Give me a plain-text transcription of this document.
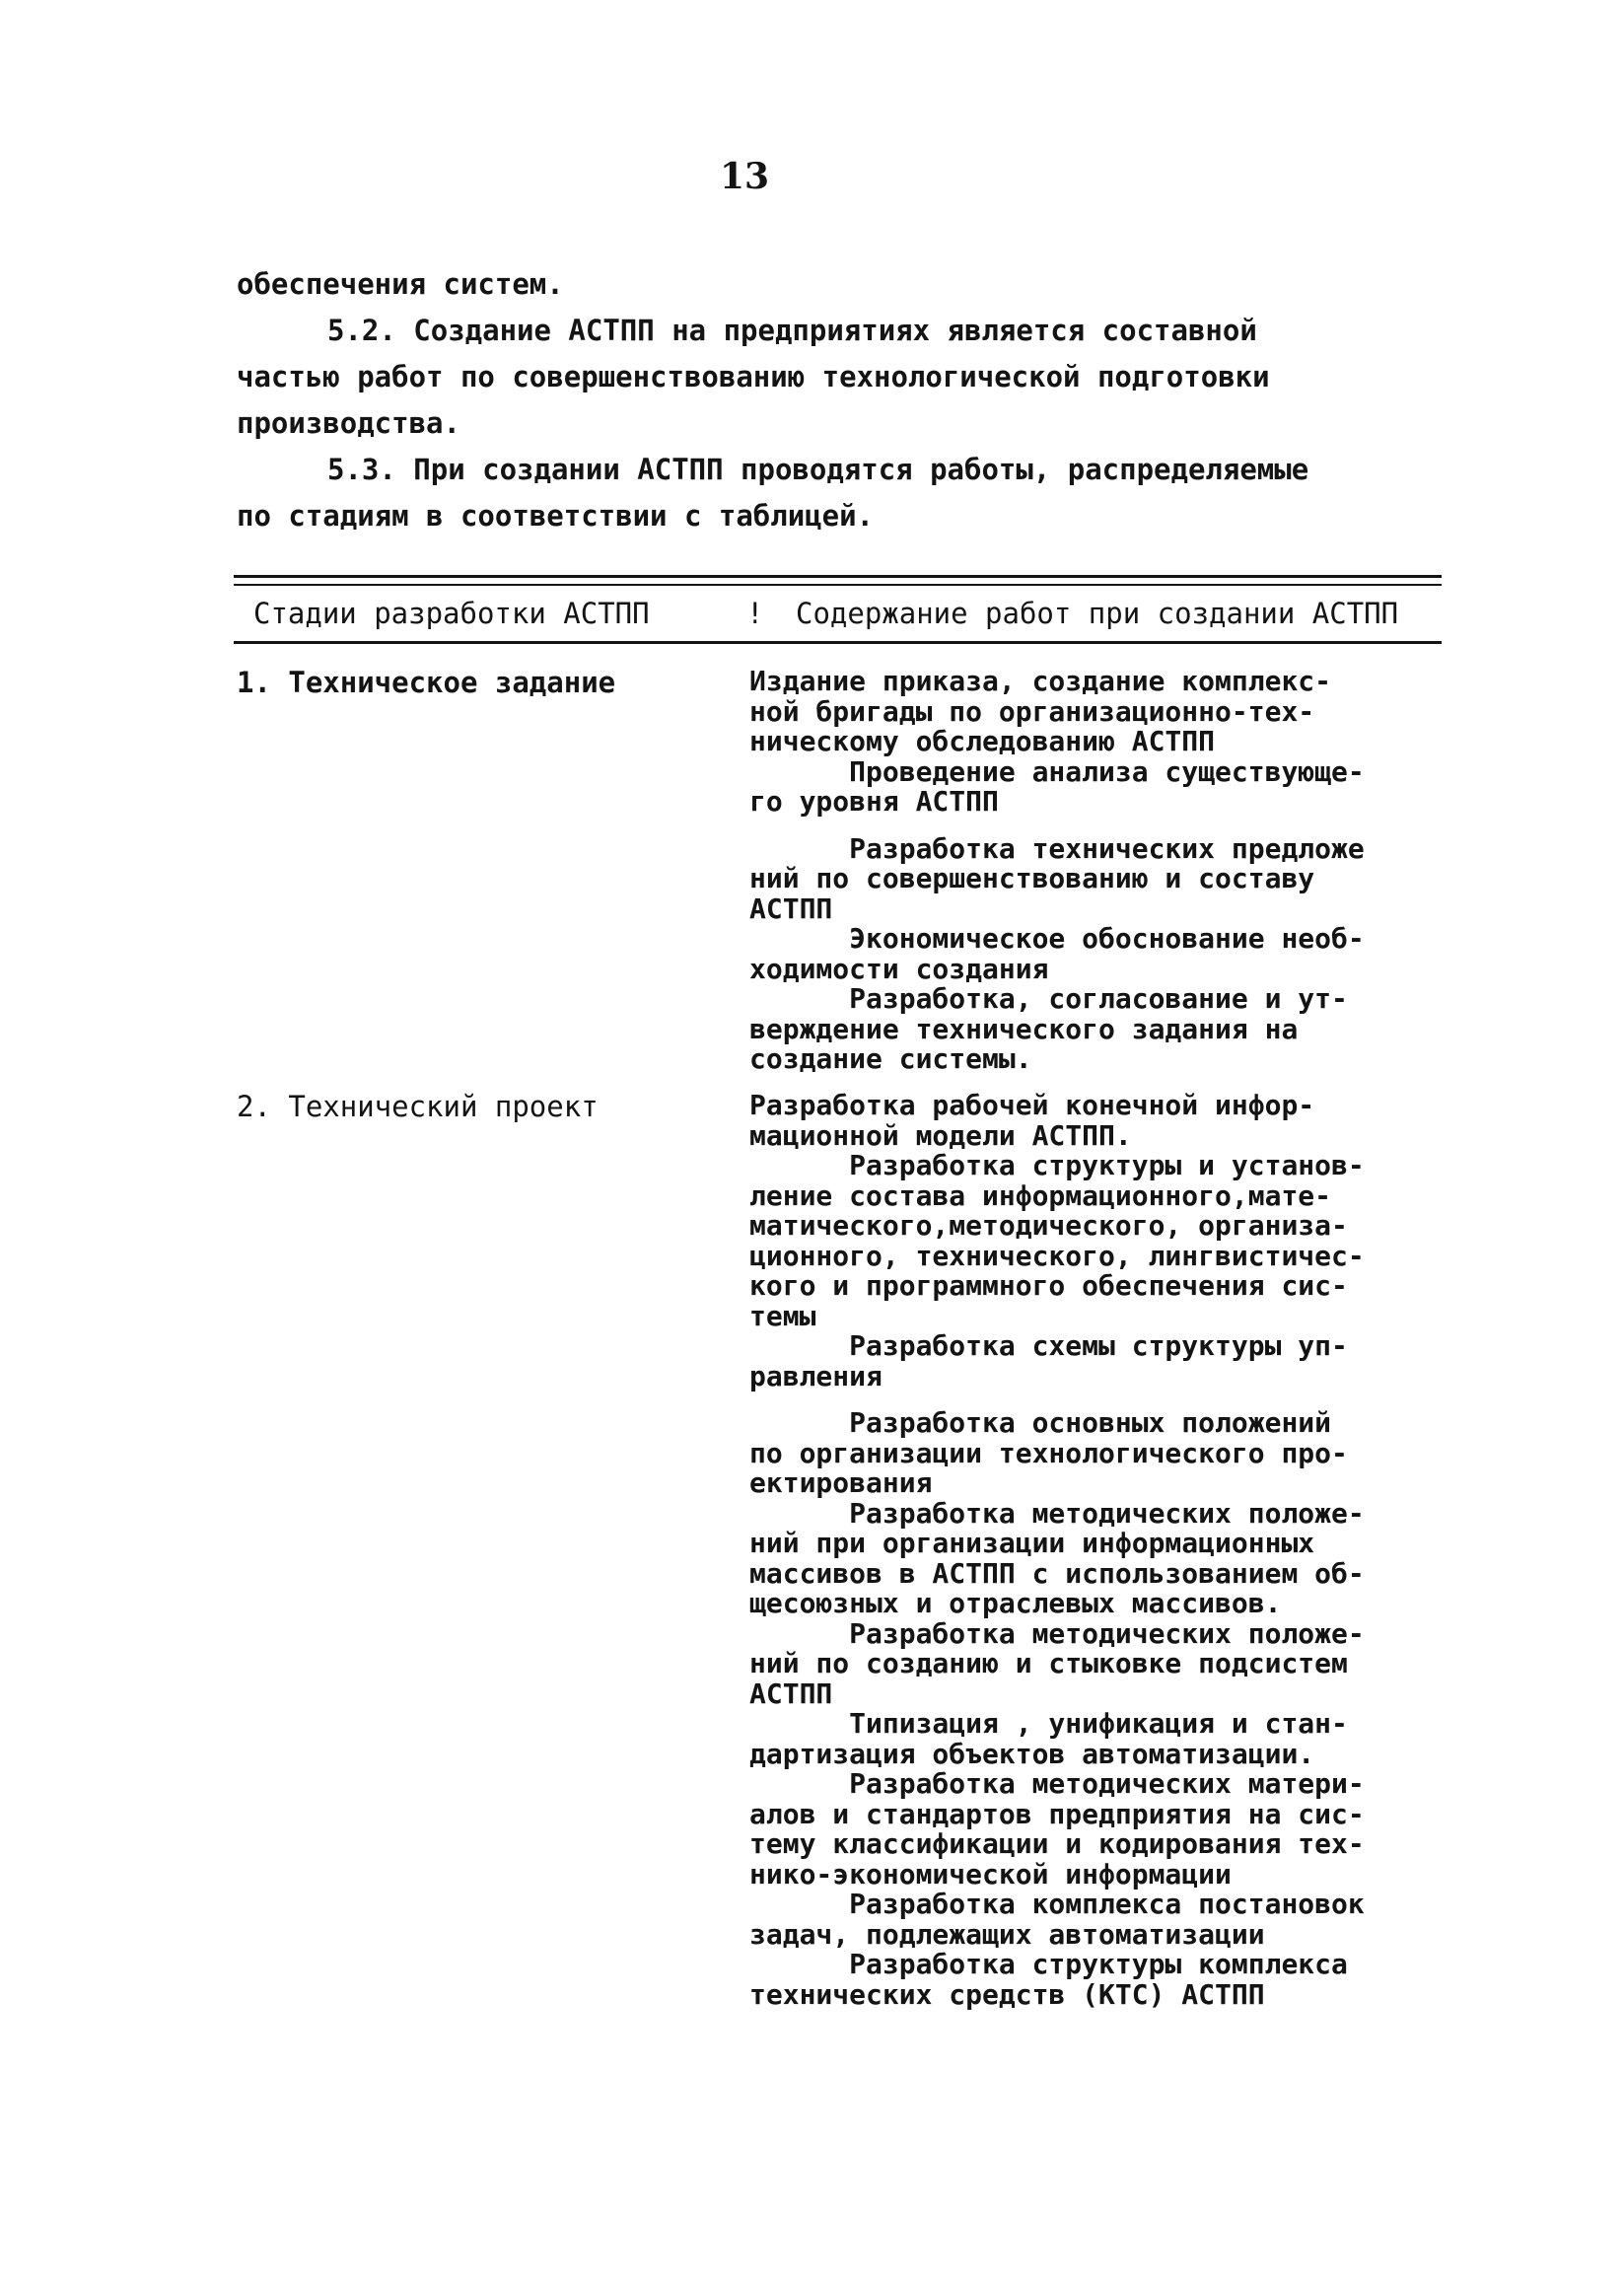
13

обеспечения систем.

5.2. Создание АСТПП на предприятиях является составной

частью работ по совершенствованию технологической подготовки

производства.

5.3. При создании АСТПП проводятся работы, распределяемые

по стадиям в соответствии с таблицей.

Стадии разработки АСТПП	! Содержание работ при создании АСТПП
1. Техническое задание	Издание приказа, создание комплекс-
ной бригады по организационно-тех-
ническому обследованию АСТПП
Проведение анализа существующе-
го уровня АСТПП
Разработка технических предложе
ний по совершенствованию и составу
АСТПП
Экономическое обоснование необ-
ходимости создания
Разработка, согласование и ут-
верждение технического задания на
создание системы.
2. Технический проект	Разработка рабочей конечной инфор-
мационной модели АСТПП.
Разработка структуры и установ-
ление состава информационного,мате-
матического,методического, организа-
ционного, технического, лингвистичес-
кого и программного обеспечения сис-
темы
Разработка схемы структуры уп-
равления
Разработка основных положений
по организации технологического про-
ектирования
Разработка методических положе-
ний при организации информационных
массивов в АСТПП с использованием об-
щесоюзных и отраслевых массивов.
Разработка методических положе-
ний по созданию и стыковке подсистем
АСТПП
Типизация , унификация и стан-
дартизация объектов автоматизации.
Разработка методических матери-
алов и стандартов предприятия на сис-
тему классификации и кодирования тех-
нико-экономической информации
Разработка комплекса постановок
задач, подлежащих автоматизации
Разработка структуры комплекса
технических средств (КТС) АСТПП
